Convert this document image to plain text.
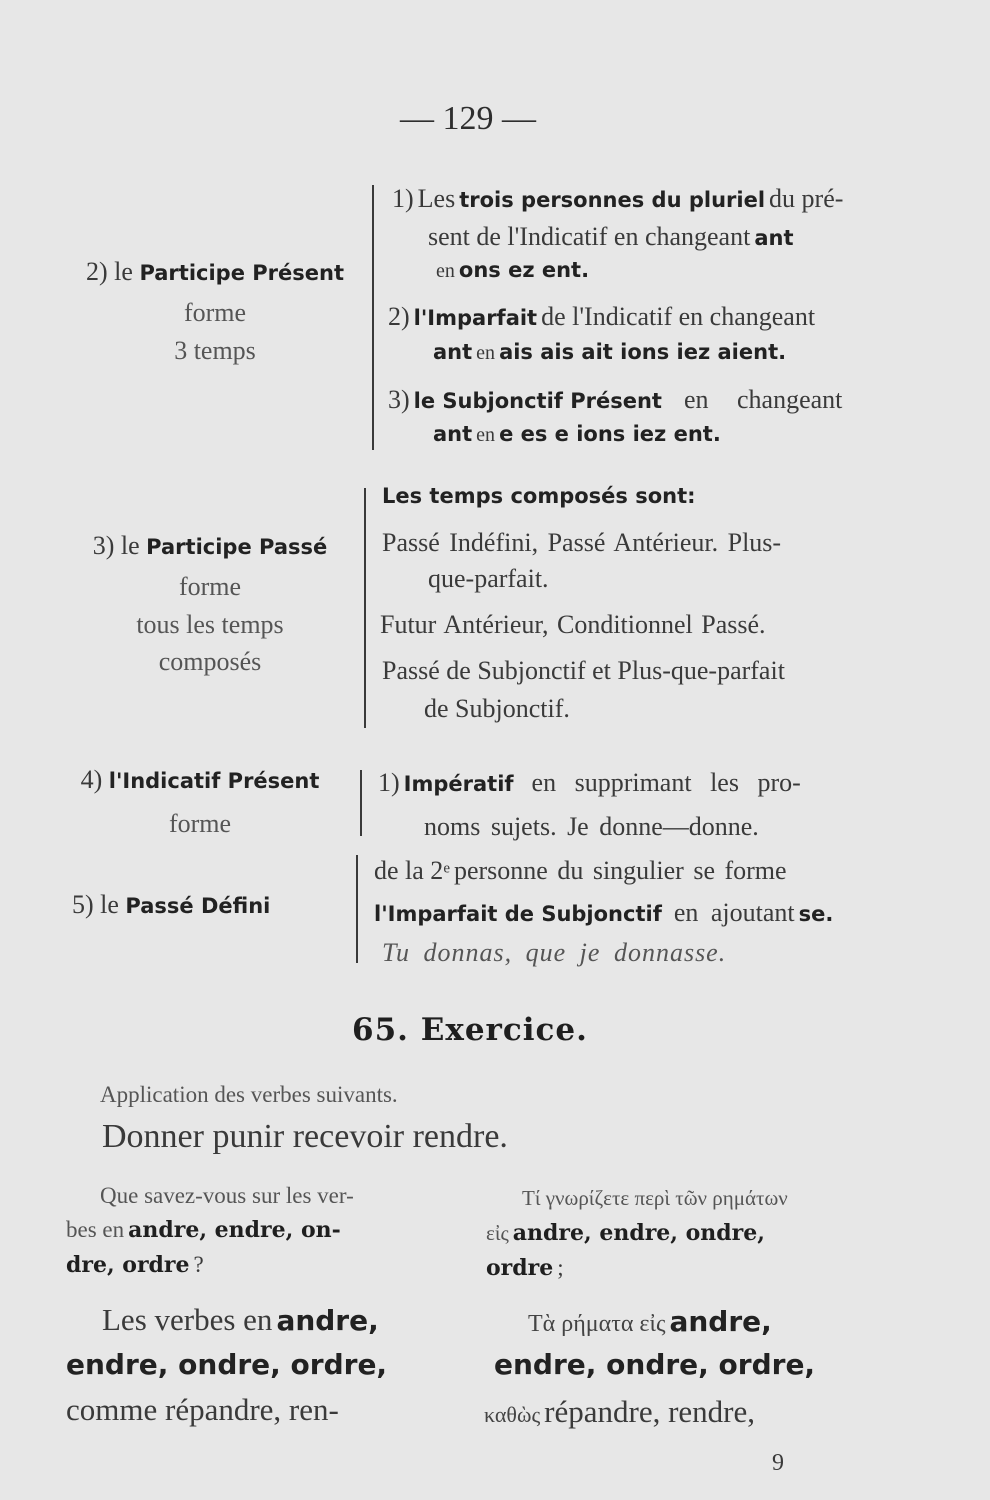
— 129 —
2) le Participe Présent
forme
3 temps
1) Les trois personnes du pluriel du pré-
sent de l'Indicatif en changeant ant
en ons ez ent.
2) l'Imparfait de l'Indicatif en changeant
ant en ais ais ait ions iez aient.
3) le Subjonctif Présent en changeant
ant en e es e ions iez ent.
3) le Participe Passé
forme
tous les temps
composés
Les temps composés sont:
Passé Indéfini, Passé Antérieur. Plus-
que-parfait.
Futur Antérieur, Conditionnel Passé.
Passé de Subjonctif et Plus-que-parfait
de Subjonctif.
4) l'Indicatif Présent
forme
1) Impératif en supprimant les pro-
noms sujets. Je donne—donne.
5) le Passé Défini
de la 2e personne du singulier se forme
l'Imparfait de Subjonctif en ajoutant se.
Tu donnas, que je donnasse.
65. Exercice.
Application des verbes suivants.
Donner punir recevoir rendre.
Que savez-vous sur les ver-
bes en andre, endre, on-
dre, ordre ?
Τί γνωρίζετε περὶ τῶν ρημάτων
εἰς andre, endre, ondre,
ordre ;
Les verbes en andre,
endre, ondre, ordre,
comme répandre, ren-
Τὰ ρήματα εἰς andre,
endre, ondre, ordre,
καθὼς répandre, rendre,
9
